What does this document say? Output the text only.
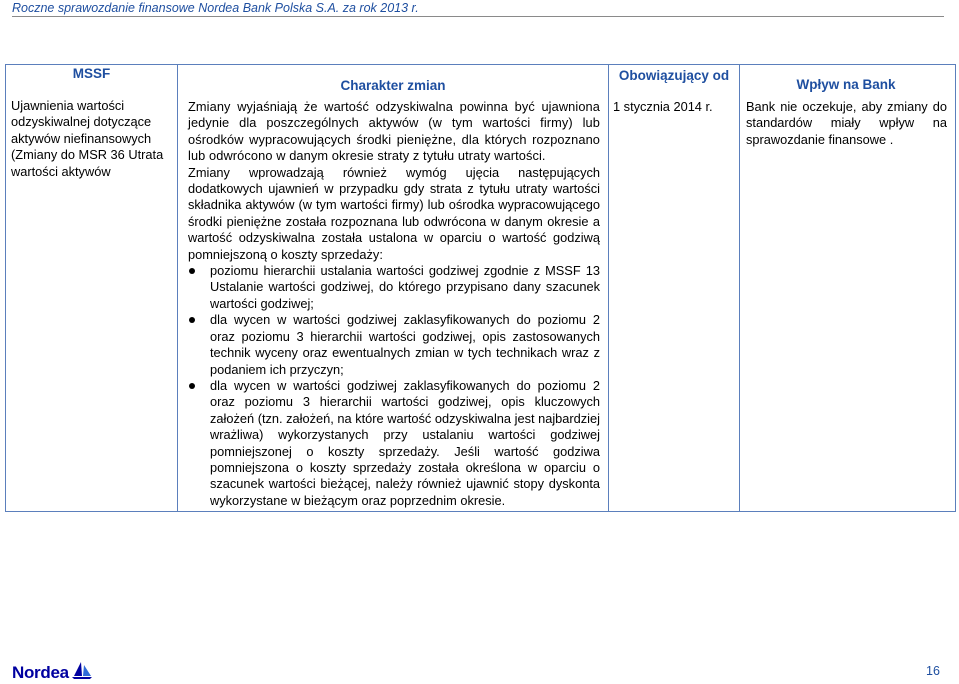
Roczne sprawozdanie finansowe Nordea Bank Polska S.A. za rok 2013 r.
MSSF
Charakter zmian
Obowiązujący od
Wpływ na Bank
Ujawnienia wartości odzyskiwalnej dotyczące aktywów niefinansowych (Zmiany do MSR 36 Utrata wartości aktywów

Zmiany wyjaśniają że wartość odzyskiwalna powinna być ujawniona jedynie dla poszczególnych aktywów (w tym wartości firmy) lub ośrodków wypracowujących środki pieniężne, dla których rozpoznano lub odwrócono w danym okresie straty z tytułu utraty wartości.

Zmiany wprowadzają również wymóg ujęcia następujących dodatkowych ujawnień w przypadku gdy strata z tytułu utraty wartości składnika aktywów (w tym wartości firmy) lub ośrodka wypracowującego środki pieniężne została rozpoznana lub odwrócona w danym okresie a wartość odzyskiwalna została ustalona w oparciu o wartość godziwą pomniejszoną o koszty sprzedaży:

poziomu hierarchii ustalania wartości godziwej zgodnie z MSSF 13 Ustalanie wartości godziwej, do którego przypisano dany szacunek wartości godziwej;
dla wycen w wartości godziwej zaklasyfikowanych do poziomu 2 oraz poziomu 3 hierarchii wartości godziwej, opis zastosowanych technik wyceny oraz ewentualnych zmian w tych technikach wraz z podaniem ich przyczyn;
dla wycen w wartości godziwej zaklasyfikowanych do poziomu 2 oraz poziomu 3 hierarchii wartości godziwej, opis kluczowych założeń (tzn. założeń, na które wartość odzyskiwalna jest najbardziej wrażliwa) wykorzystanych przy ustalaniu wartości godziwej pomniejszonej o koszty sprzedaży. Jeśli wartość godziwa pomniejszona o koszty sprzedaży została określona w oparciu o szacunek wartości bieżącej, należy również ujawnić stopy dyskonta wykorzystane w bieżącym oraz poprzednim okresie.
1 stycznia 2014 r.	Bank nie oczekuje, aby zmiany do standardów miały wpływ na sprawozdanie finansowe .
Nordea	16
